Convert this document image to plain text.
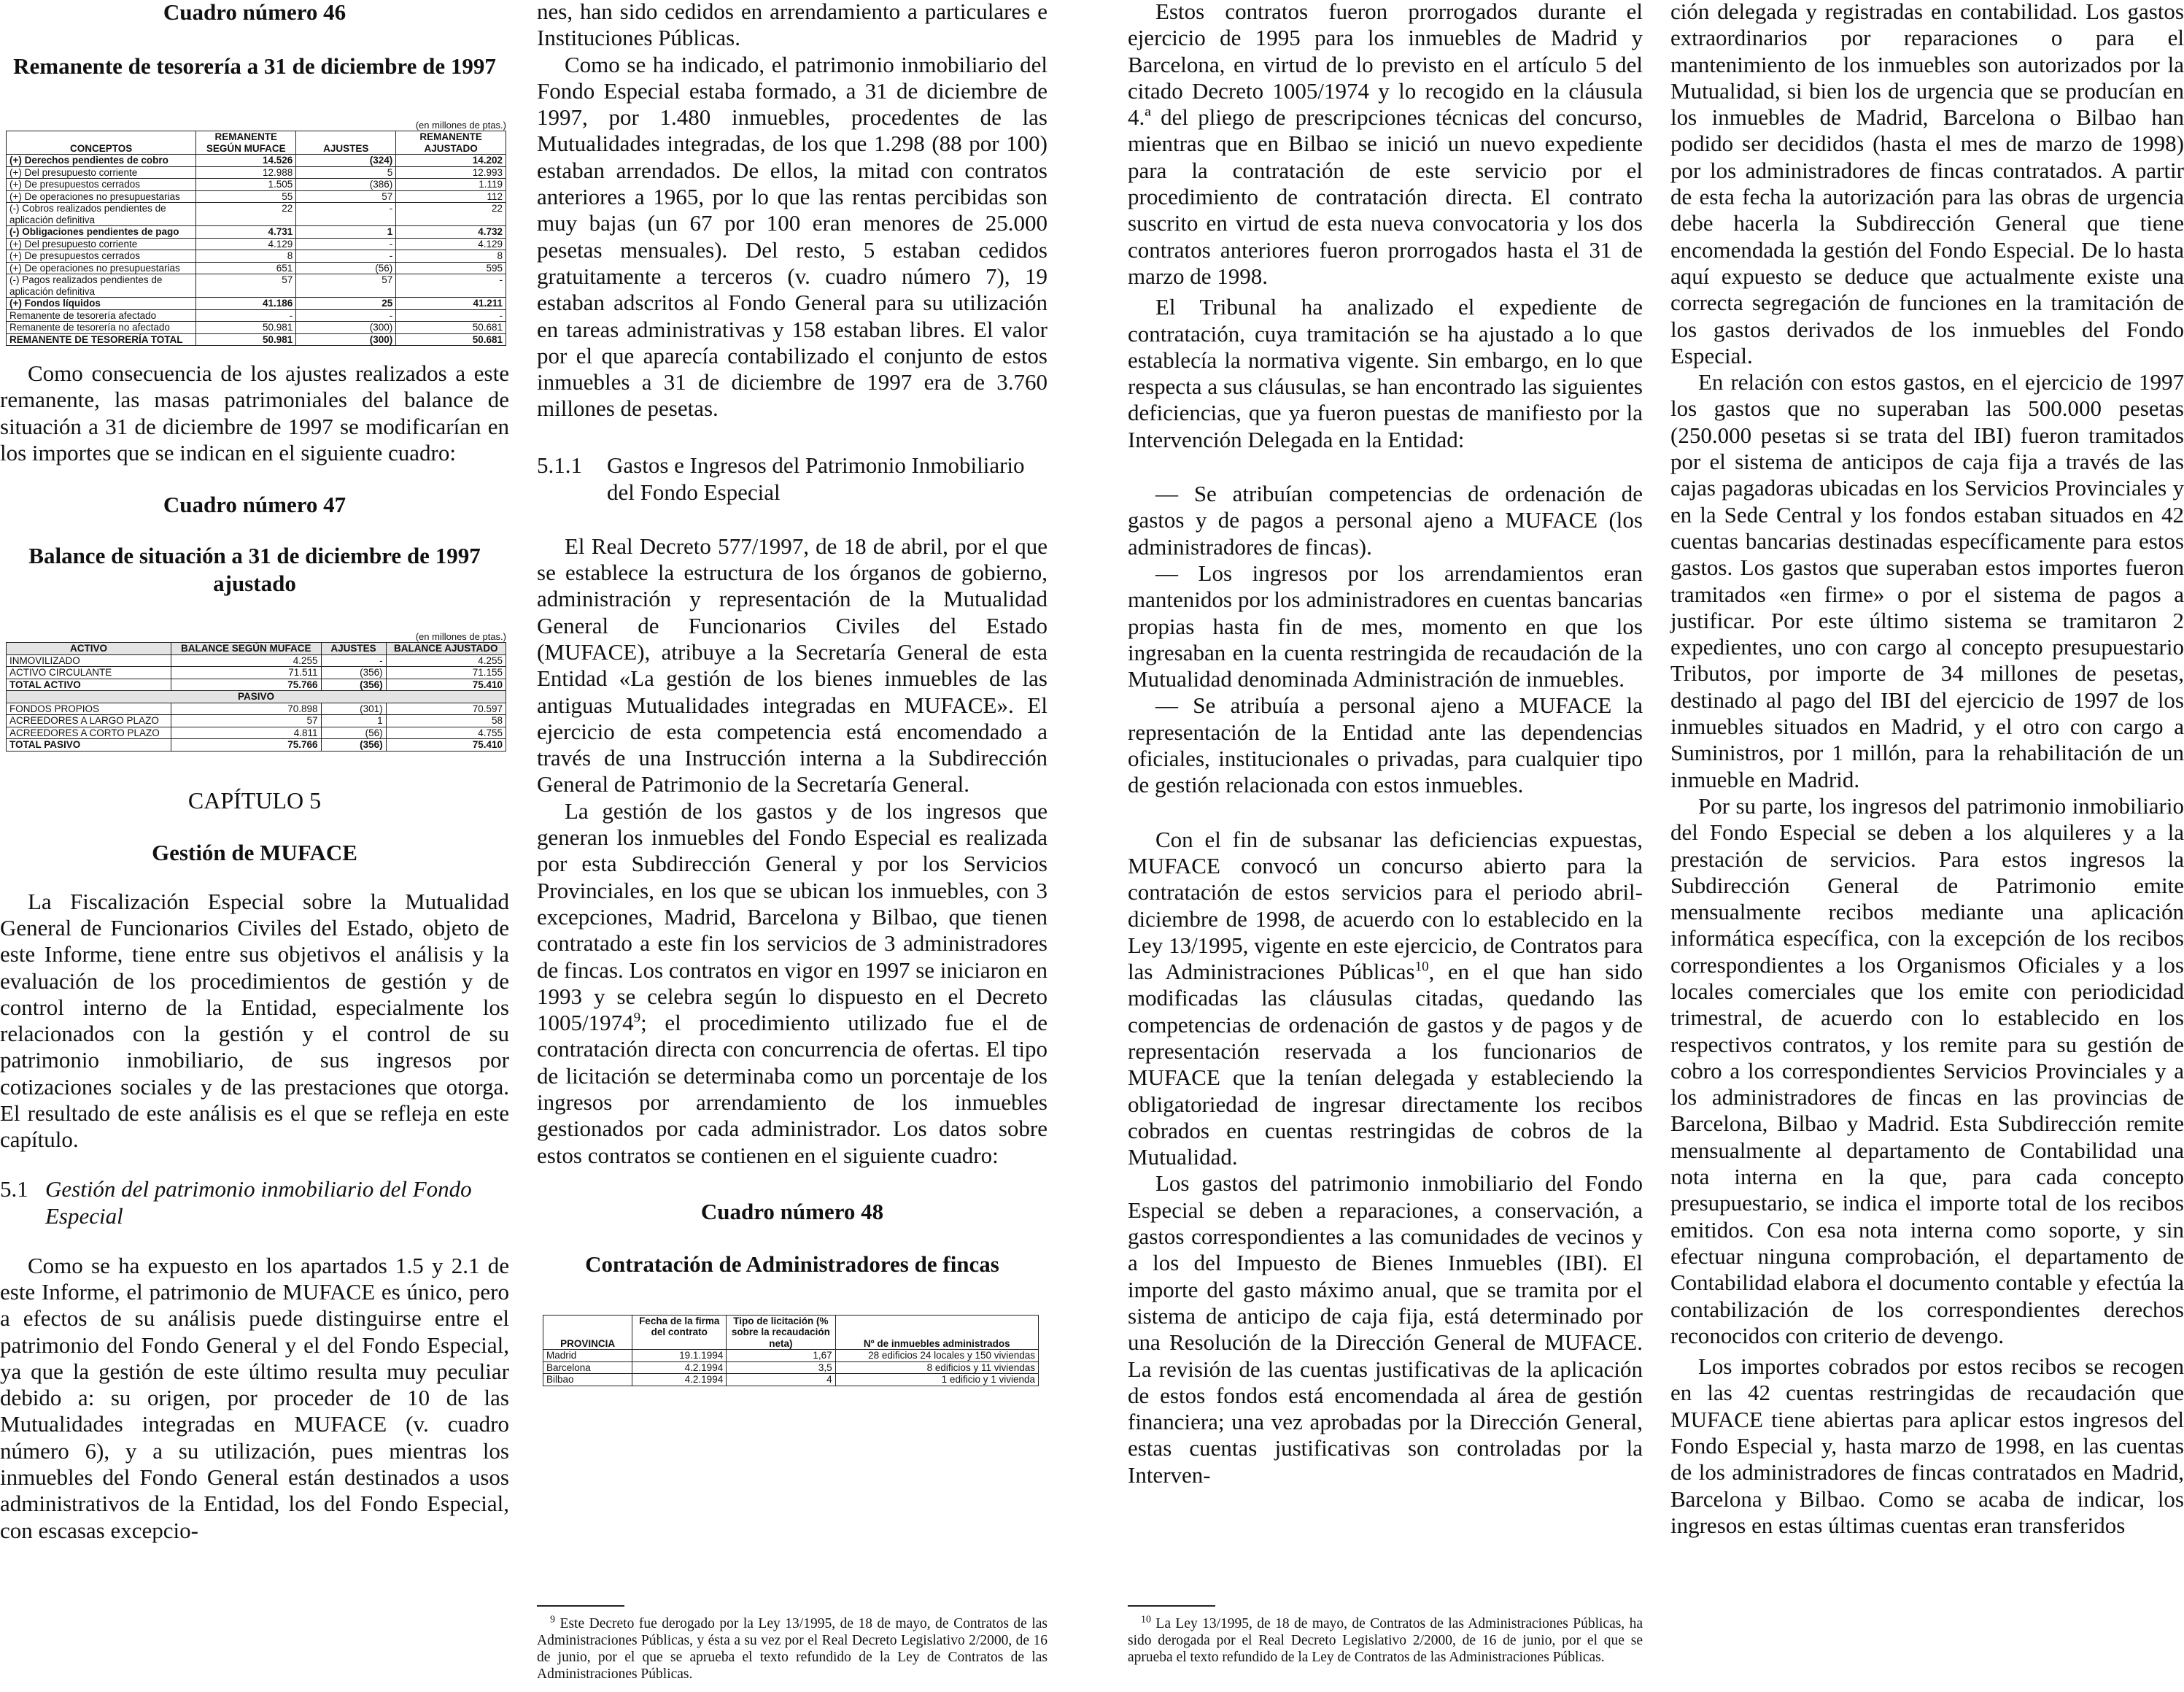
Cuadro número 46
Remanente de tesorería a 31 de diciembre de 1997
(en millones de ptas.)
CONCEPTOS	REMANENTE SEGÚN MUFACE	AJUSTES	REMANENTE AJUSTADO
(+) Derechos pendientes de cobro	14.526	(324)	14.202
(+) Del presupuesto corriente	12.988	5	12.993
(+) De presupuestos cerrados	1.505	(386)	1.119
(+) De operaciones no presupuestarias	55	57	112
(-) Cobros realizados pendientes de aplicación definitiva	22	-	22
(-) Obligaciones pendientes de pago	4.731	1	4.732
(+) Del presupuesto corriente	4.129	-	4.129
(+) De presupuestos cerrados	8	-	8
(+) De operaciones no presupuestarias	651	(56)	595
(-) Pagos realizados pendientes de aplicación definitiva	57	57	-
(+) Fondos líquidos	41.186	25	41.211
Remanente de tesorería afectado	-	-	-
Remanente de tesorería no afectado	50.981	(300)	50.681
REMANENTE DE TESORERÍA TOTAL	50.981	(300)	50.681

Como consecuencia de los ajustes realizados a este remanente, las masas patrimoniales del balance de situación a 31 de diciembre de 1997 se modificarían en los importes que se indican en el siguiente cuadro:

Cuadro número 47
Balance de situación a 31 de diciembre de 1997 ajustado
(en millones de ptas.)
ACTIVO	BALANCE SEGÚN MUFACE	AJUSTES	BALANCE AJUSTADO
INMOVILIZADO	4.255	-	4.255
ACTIVO CIRCULANTE	71.511	(356)	71.155
TOTAL ACTIVO	75.766	(356)	75.410
PASIVO			
FONDOS PROPIOS	70.898	(301)	70.597
ACREEDORES A LARGO PLAZO	57	1	58
ACREEDORES A CORTO PLAZO	4.811	(56)	4.755
TOTAL PASIVO	75.766	(356)	75.410
CAPÍTULO 5
Gestión de MUFACE

La Fiscalización Especial sobre la Mutualidad General de Funcionarios Civiles del Estado, objeto de este Informe, tiene entre sus objetivos el análisis y la evaluación de los procedimientos de gestión y de control interno de la Entidad, especialmente los relacionados con la gestión y el control de su patrimonio inmobiliario, de sus ingresos por cotizaciones sociales y de las prestaciones que otorga. El resultado de este análisis es el que se refleja en este capítulo.

5.1 Gestión del patrimonio inmobiliario del Fondo Especial

Como se ha expuesto en los apartados 1.5 y 2.1 de este Informe, el patrimonio de MUFACE es único, pero a efectos de su análisis puede distinguirse entre el patrimonio del Fondo General y el del Fondo Especial, ya que la gestión de este último resulta muy peculiar debido a: su origen, por proceder de 10 de las Mutualidades integradas en MUFACE (v. cuadro número 6), y a su utilización, pues mientras los inmuebles del Fondo General están destinados a usos administrativos de la Entidad, los del Fondo Especial, con escasas excepcio-

nes, han sido cedidos en arrendamiento a particulares e Instituciones Públicas.

Como se ha indicado, el patrimonio inmobiliario del Fondo Especial estaba formado, a 31 de diciembre de 1997, por 1.480 inmuebles, procedentes de las Mutualidades integradas, de los que 1.298 (88 por 100) estaban arrendados. De ellos, la mitad con contratos anteriores a 1965, por lo que las rentas percibidas son muy bajas (un 67 por 100 eran menores de 25.000 pesetas mensuales). Del resto, 5 estaban cedidos gratuitamente a terceros (v. cuadro número 7), 19 estaban adscritos al Fondo General para su utilización en tareas administrativas y 158 estaban libres. El valor por el que aparecía contabilizado el conjunto de estos inmuebles a 31 de diciembre de 1997 era de 3.760 millones de pesetas.

5.1.1	Gastos e Ingresos del Patrimonio Inmobiliario del Fondo Especial

El Real Decreto 577/1997, de 18 de abril, por el que se establece la estructura de los órganos de gobierno, administración y representación de la Mutualidad General de Funcionarios Civiles del Estado (MUFACE), atribuye a la Secretaría General de esta Entidad «La gestión de los bienes inmuebles de las antiguas Mutualidades integradas en MUFACE». El ejercicio de esta competencia está encomendado a través de una Instrucción interna a la Subdirección General de Patrimonio de la Secretaría General.

La gestión de los gastos y de los ingresos que generan los inmuebles del Fondo Especial es realizada por esta Subdirección General y por los Servicios Provinciales, en los que se ubican los inmuebles, con 3 excepciones, Madrid, Barcelona y Bilbao, que tienen contratado a este fin los servicios de 3 administradores de fincas. Los contratos en vigor en 1997 se iniciaron en 1993 y se celebra según lo dispuesto en el Decreto 1005/1974$^9$; el procedimiento utilizado fue el de contratación directa con concurrencia de ofertas. El tipo de licitación se determinaba como un porcentaje de los ingresos por arrendamiento de los inmuebles gestionados por cada administrador. Los datos sobre estos contratos se contienen en el siguiente cuadro:

Cuadro número 48
Contratación de Administradores de fincas
PROVINCIA	Fecha de la firma del contrato	Tipo de licitación (% sobre la recaudación neta)	Nº de inmuebles administrados
Madrid	19.1.1994	1,67	28 edificios 24 locales y 150 viviendas
Barcelona	4.2.1994	3,5	8 edificios y 11 viviendas
Bilbao	4.2.1994	4	1 edificio y 1 vivienda

$^9$ Este Decreto fue derogado por la Ley 13/1995, de 18 de mayo, de Contratos de las Administraciones Públicas, y ésta a su vez por el Real Decreto Legislativo 2/2000, de 16 de junio, por el que se aprueba el texto refundido de la Ley de Contratos de las Administraciones Públicas.

Estos contratos fueron prorrogados durante el ejercicio de 1995 para los inmuebles de Madrid y Barcelona, en virtud de lo previsto en el artículo 5 del citado Decreto 1005/1974 y lo recogido en la cláusula 4.ª del pliego de prescripciones técnicas del concurso, mientras que en Bilbao se inició un nuevo expediente para la contratación de este servicio por el procedimiento de contratación directa. El contrato suscrito en virtud de esta nueva convocatoria y los dos contratos anteriores fueron prorrogados hasta el 31 de marzo de 1998.

El Tribunal ha analizado el expediente de contratación, cuya tramitación se ha ajustado a lo que establecía la normativa vigente. Sin embargo, en lo que respecta a sus cláusulas, se han encontrado las siguientes deficiencias, que ya fueron puestas de manifiesto por la Intervención Delegada en la Entidad:

— Se atribuían competencias de ordenación de gastos y de pagos a personal ajeno a MUFACE (los administradores de fincas).
— Los ingresos por los arrendamientos eran mantenidos por los administradores en cuentas bancarias propias hasta fin de mes, momento en que los ingresaban en la cuenta restringida de recaudación de la Mutualidad denominada Administración de inmuebles.
— Se atribuía a personal ajeno a MUFACE la representación de la Entidad ante las dependencias oficiales, institucionales o privadas, para cualquier tipo de gestión relacionada con estos inmuebles.

Con el fin de subsanar las deficiencias expuestas, MUFACE convocó un concurso abierto para la contratación de estos servicios para el periodo abril-diciembre de 1998, de acuerdo con lo establecido en la Ley 13/1995, vigente en este ejercicio, de Contratos para las Administraciones Públicas$^{10}$, en el que han sido modificadas las cláusulas citadas, quedando las competencias de ordenación de gastos y de pagos y de representación reservada a los funcionarios de MUFACE que la tenían delegada y estableciendo la obligatoriedad de ingresar directamente los recibos cobrados en cuentas restringidas de cobros de la Mutualidad.

Los gastos del patrimonio inmobiliario del Fondo Especial se deben a reparaciones, a conservación, a gastos correspondientes a las comunidades de vecinos y a los del Impuesto de Bienes Inmuebles (IBI). El importe del gasto máximo anual, que se tramita por el sistema de anticipo de caja fija, está determinado por una Resolución de la Dirección General de MUFACE. La revisión de las cuentas justificativas de la aplicación de estos fondos está encomendada al área de gestión financiera; una vez aprobadas por la Dirección General, estas cuentas justificativas son controladas por la Interven-

$^{10}$ La Ley 13/1995, de 18 de mayo, de Contratos de las Administraciones Públicas, ha sido derogada por el Real Decreto Legislativo 2/2000, de 16 de junio, por el que se aprueba el texto refundido de la Ley de Contratos de las Administraciones Públicas.

ción delegada y registradas en contabilidad. Los gastos extraordinarios por reparaciones o para el mantenimiento de los inmuebles son autorizados por la Mutualidad, si bien los de urgencia que se producían en los inmuebles de Madrid, Barcelona o Bilbao han podido ser decididos (hasta el mes de marzo de 1998) por los administradores de fincas contratados. A partir de esta fecha la autorización para las obras de urgencia debe hacerla la Subdirección General que tiene encomendada la gestión del Fondo Especial. De lo hasta aquí expuesto se deduce que actualmente existe una correcta segregación de funciones en la tramitación de los gastos derivados de los inmuebles del Fondo Especial.

En relación con estos gastos, en el ejercicio de 1997 los gastos que no superaban las 500.000 pesetas (250.000 pesetas si se trata del IBI) fueron tramitados por el sistema de anticipos de caja fija a través de las cajas pagadoras ubicadas en los Servicios Provinciales y en la Sede Central y los fondos estaban situados en 42 cuentas bancarias destinadas específicamente para estos gastos. Los gastos que superaban estos importes fueron tramitados «en firme» o por el sistema de pagos a justificar. Por este último sistema se tramitaron 2 expedientes, uno con cargo al concepto presupuestario Tributos, por importe de 34 millones de pesetas, destinado al pago del IBI del ejercicio de 1997 de los inmuebles situados en Madrid, y el otro con cargo a Suministros, por 1 millón, para la rehabilitación de un inmueble en Madrid.

Por su parte, los ingresos del patrimonio inmobiliario del Fondo Especial se deben a los alquileres y a la prestación de servicios. Para estos ingresos la Subdirección General de Patrimonio emite mensualmente recibos mediante una aplicación informática específica, con la excepción de los recibos correspondientes a los Organismos Oficiales y a los locales comerciales que los emite con periodicidad trimestral, de acuerdo con lo establecido en los respectivos contratos, y los remite para su gestión de cobro a los correspondientes Servicios Provinciales y a los administradores de fincas en las provincias de Barcelona, Bilbao y Madrid. Esta Subdirección remite mensualmente al departamento de Contabilidad una nota interna en la que, para cada concepto presupuestario, se indica el importe total de los recibos emitidos. Con esa nota interna como soporte, y sin efectuar ninguna comprobación, el departamento de Contabilidad elabora el documento contable y efectúa la contabilización de los correspondientes derechos reconocidos con criterio de devengo.

Los importes cobrados por estos recibos se recogen en las 42 cuentas restringidas de recaudación que MUFACE tiene abiertas para aplicar estos ingresos del Fondo Especial y, hasta marzo de 1998, en las cuentas de los administradores de fincas contratados en Madrid, Barcelona y Bilbao. Como se acaba de indicar, los ingresos en estas últimas cuentas eran transferidos
